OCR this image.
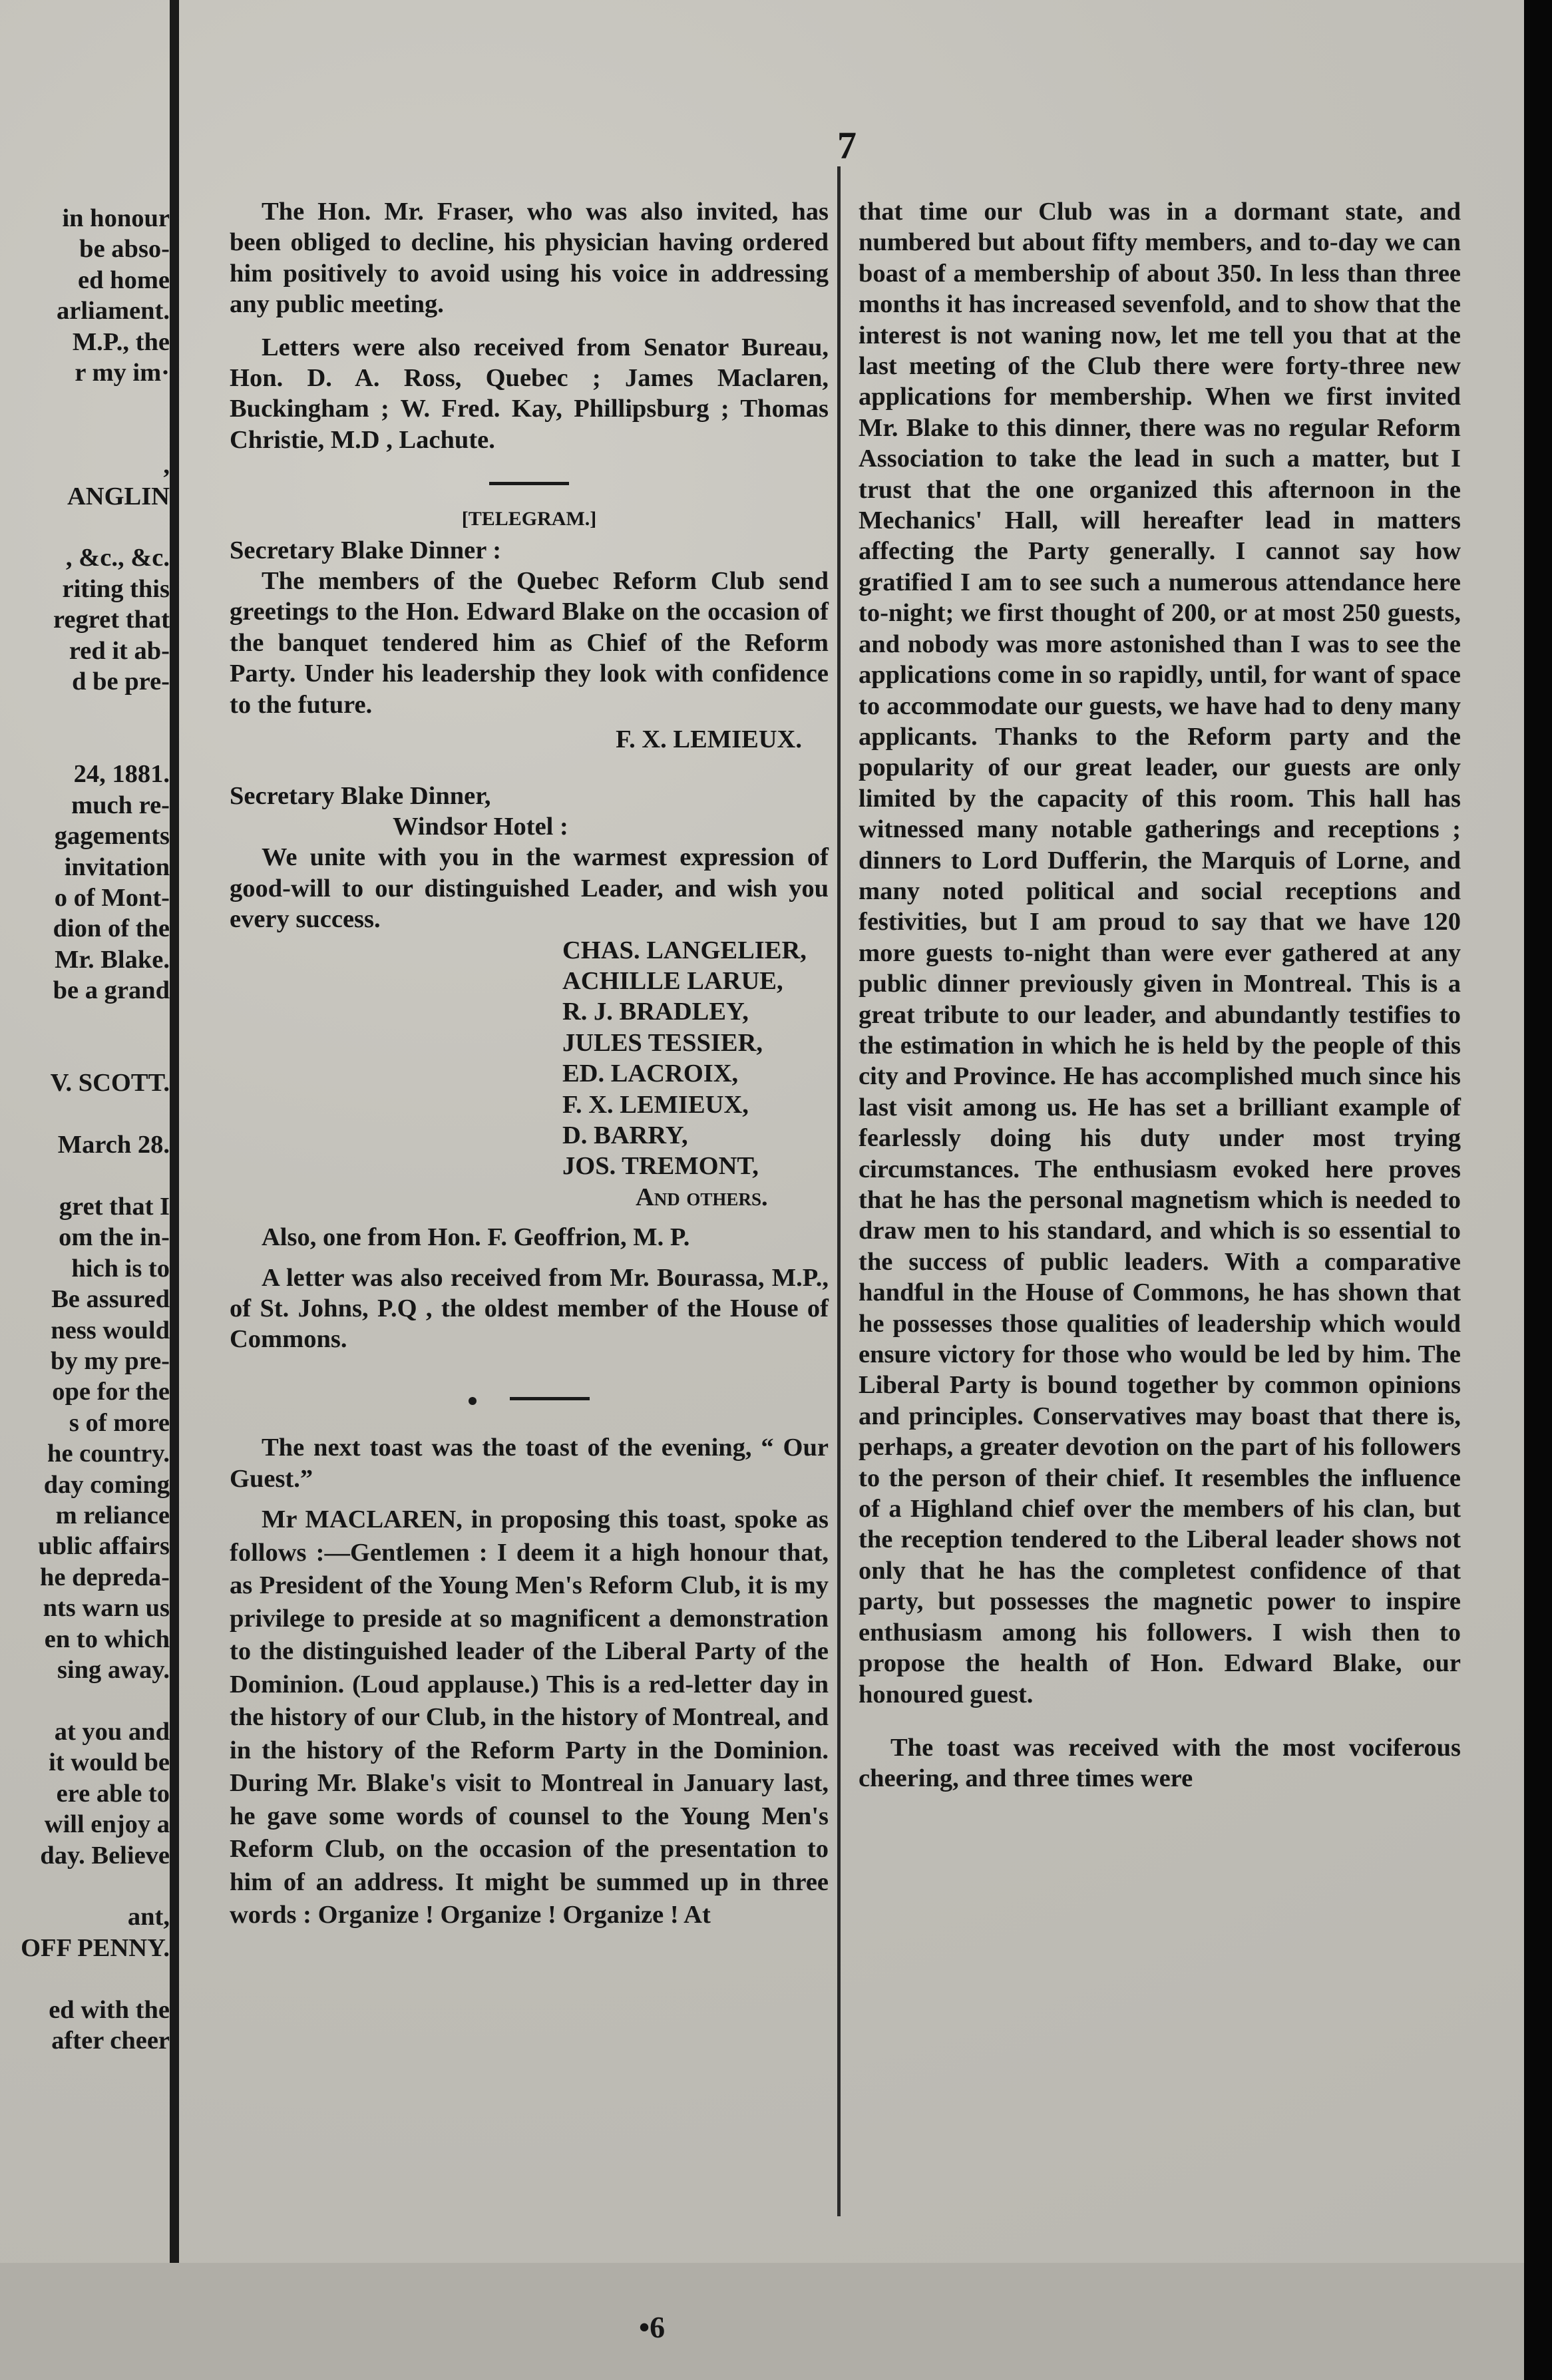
7
in honour
be abso-
ed home
arliament.
M.P., the
r my im·

,
ANGLIN

, &c., &c.
riting this
regret that
red it ab-
d be pre-

24, 1881.
much re-
gagements
invitation
o of Mont-
dion of the
Mr. Blake.
be a grand

V. SCOTT.

March 28.

gret that I
om the in-
hich is to
Be assured
ness would
by my pre-
ope for the
s of more
he country.
day coming
m reliance
ublic affairs
he depreda-
nts warn us
en to which
sing away.

at you and
it would be
ere able to
will enjoy a
day. Believe

ant,
OFF PENNY.

ed with the
after cheer

The Hon. Mr. Fraser, who was also invited, has been obliged to decline, his physician having ordered him positively to avoid using his voice in addressing any public meeting.

Letters were also received from Senator Bureau, Hon. D. A. Ross, Quebec ; James Maclaren, Buckingham ; W. Fred. Kay, Phillipsburg ; Thomas Christie, M.D , Lachute.

[TELEGRAM.]

Secretary Blake Dinner :

The members of the Quebec Reform Club send greetings to the Hon. Edward Blake on the occasion of the banquet tendered him as Chief of the Reform Party. Under his leadership they look with confidence to the future.

F. X. LEMIEUX.

Secretary Blake Dinner,

Windsor Hotel :

We unite with you in the warmest expression of good-will to our distinguished Leader, and wish you every success.

CHAS. LANGELIER,
ACHILLE LARUE,
R. J. BRADLEY,
JULES TESSIER,
ED. LACROIX,
F. X. LEMIEUX,
D. BARRY,
JOS. TREMONT,
And others.

Also, one from Hon. F. Geoffrion, M. P.

A letter was also received from Mr. Bourassa, M.P., of St. Johns, P.Q , the oldest member of the House of Commons.

The next toast was the toast of the evening, “ Our Guest.”

Mr MACLAREN, in proposing this toast, spoke as follows :—Gentlemen : I deem it a high honour that, as President of the Young Men's Reform Club, it is my privilege to preside at so magnificent a demonstration to the distinguished leader of the Liberal Party of the Dominion. (Loud applause.) This is a red-letter day in the history of our Club, in the history of Montreal, and in the history of the Reform Party in the Dominion. During Mr. Blake's visit to Montreal in January last, he gave some words of counsel to the Young Men's Reform Club, on the occasion of the presentation to him of an address. It might be summed up in three words : Organize ! Organize ! Organize ! At

that time our Club was in a dormant state, and numbered but about fifty members, and to-day we can boast of a membership of about 350. In less than three months it has increased sevenfold, and to show that the interest is not waning now, let me tell you that at the last meeting of the Club there were forty-three new applications for membership. When we first invited Mr. Blake to this dinner, there was no regular Reform Association to take the lead in such a matter, but I trust that the one organized this afternoon in the Mechanics' Hall, will hereafter lead in matters affecting the Party generally. I cannot say how gratified I am to see such a numerous attendance here to-night; we first thought of 200, or at most 250 guests, and nobody was more astonished than I was to see the applications come in so rapidly, until, for want of space to accommodate our guests, we have had to deny many applicants. Thanks to the Reform party and the popularity of our great leader, our guests are only limited by the capacity of this room. This hall has witnessed many notable gatherings and receptions ; dinners to Lord Dufferin, the Marquis of Lorne, and many noted political and social receptions and festivities, but I am proud to say that we have 120 more guests to-night than were ever gathered at any public dinner previously given in Montreal. This is a great tribute to our leader, and abundantly testifies to the estimation in which he is held by the people of this city and Province. He has accomplished much since his last visit among us. He has set a brilliant example of fearlessly doing his duty under most trying circumstances. The enthusiasm evoked here proves that he has the personal magnetism which is needed to draw men to his standard, and which is so essential to the success of public leaders. With a comparative handful in the House of Commons, he has shown that he possesses those qualities of leadership which would ensure victory for those who would be led by him. The Liberal Party is bound together by common opinions and principles. Conservatives may boast that there is, perhaps, a greater devotion on the part of his followers to the person of their chief. It resembles the influence of a Highland chief over the members of his clan, but the reception tendered to the Liberal leader shows not only that he has the completest confidence of that party, but possesses the magnetic power to inspire enthusiasm among his followers. I wish then to propose the health of Hon. Edward Blake, our honoured guest.

The toast was received with the most vociferous cheering, and three times were

•6
